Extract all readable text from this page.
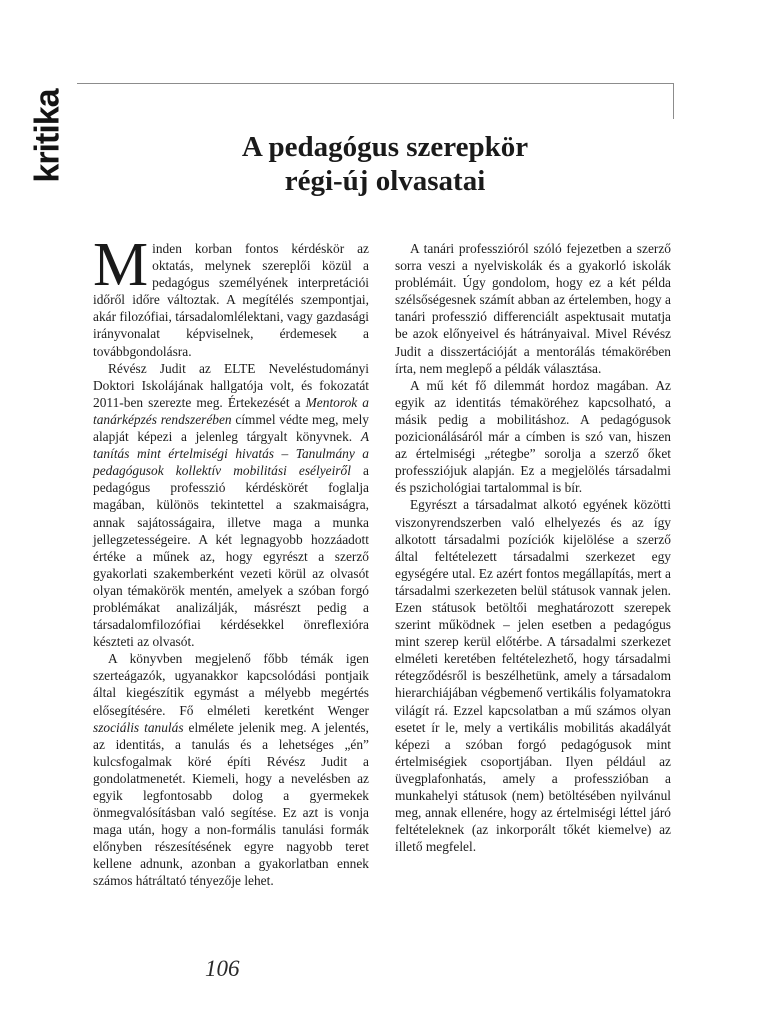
kritika	A pedagógus szerepkör
régi-új olvasatai

Minden korban fontos kérdéskör az oktatás, melynek szereplői közül a pedagógus személyének interpretációi időről időre változtak. A megítélés szempontjai, akár filozófiai, társadalomlélektani, vagy gazdasági irányvonalat képviselnek, érdemesek a továbbgondolásra.

Révész Judit az ELTE Neveléstudományi Doktori Iskolájának hallgatója volt, és fokozatát 2011-ben szerezte meg. Értekezését a Mentorok a tanárképzés rendszerében címmel védte meg, mely alapját képezi a jelenleg tárgyalt könyvnek. A tanítás mint értelmiségi hivatás – Tanulmány a pedagógusok kollektív mobilitási esélyeiről a pedagógus professzió kérdéskörét foglalja magában, különös tekintettel a szakmaiságra, annak sajátosságaira, illetve maga a munka jellegzetességeire. A két legnagyobb hozzáadott értéke a műnek az, hogy egyrészt a szerző gyakorlati szakemberként vezeti körül az olvasót olyan témakörök mentén, amelyek a szóban forgó problémákat analizálják, másrészt pedig a társadalomfilozófiai kérdésekkel önreflexióra készteti az olvasót.

A könyvben megjelenő főbb témák igen szerteágazók, ugyanakkor kapcsolódási pontjaik által kiegészítik egymást a mélyebb megértés elősegítésére. Fő elméleti keretként Wenger szociális tanulás elmélete jelenik meg. A jelentés, az identitás, a tanulás és a lehetséges „én” kulcsfogalmak köré építi Révész Judit a gondolatmenetét. Kiemeli, hogy a nevelésben az egyik legfontosabb dolog a gyermekek önmegvalósításban való segítése. Ez azt is vonja maga után, hogy a non-formális tanulási formák előnyben részesítésének egyre nagyobb teret kellene adnunk, azonban a gyakorlatban ennek számos hátráltató tényezője lehet.

A tanári professzióról szóló fejezetben a szerző sorra veszi a nyelviskolák és a gyakorló iskolák problémáit. Úgy gondolom, hogy ez a két példa szélsőségesnek számít abban az értelemben, hogy a tanári professzió differenciált aspektusait mutatja be azok előnyeivel és hátrányaival. Mivel Révész Judit a disszertációját a mentorálás témakörében írta, nem meglepő a példák választása.

A mű két fő dilemmát hordoz magában. Az egyik az identitás témaköréhez kapcsolható, a másik pedig a mobilitáshoz. A pedagógusok pozicionálásáról már a címben is szó van, hiszen az értelmiségi „rétegbe” sorolja a szerző őket professziójuk alapján. Ez a megjelölés társadalmi és pszichológiai tartalommal is bír.

Egyrészt a társadalmat alkotó egyének közötti viszonyrendszerben való elhelyezés és az így alkotott társadalmi pozíciók kijelölése a szerző által feltételezett társadalmi szerkezet egy egységére utal. Ez azért fontos megállapítás, mert a társadalmi szerkezeten belül státusok vannak jelen. Ezen státusok betöltői meghatározott szerepek szerint működnek – jelen esetben a pedagógus mint szerep kerül előtérbe. A társadalmi szerkezet elméleti keretében feltételezhető, hogy társadalmi rétegződésről is beszélhetünk, amely a társadalom hierarchiájában végbemenő vertikális folyamatokra világít rá. Ezzel kapcsolatban a mű számos olyan esetet ír le, mely a vertikális mobilitás akadályát képezi a szóban forgó pedagógusok mint értelmiségiek csoportjában. Ilyen például az üvegplafonhatás, amely a professzióban a munkahelyi státusok (nem) betöltésében nyilvánul meg, annak ellenére, hogy az értelmiségi léttel járó feltételeknek (az inkorporált tőkét kiemelve) az illető megfelel.

106
